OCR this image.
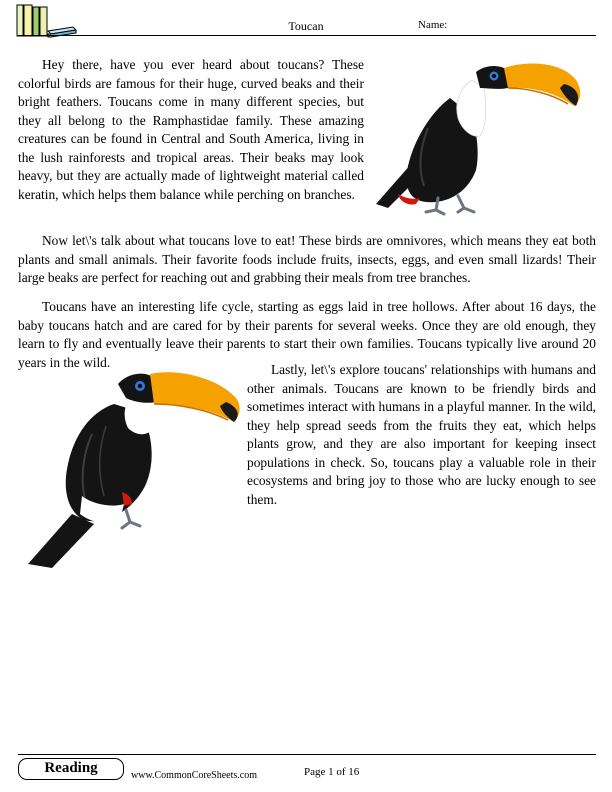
Toucan	Name:

Hey there, have you ever heard about toucans? These colorful birds are famous for their huge, curved beaks and their bright feathers. Toucans come in many different species, but they all belong to the Ramphastidae family. These amazing creatures can be found in Central and South America, living in the lush rainforests and tropical areas. Their beaks may look heavy, but they are actually made of lightweight material called keratin, which helps them balance while perching on branches.

Now let\'s talk about what toucans love to eat! These birds are omnivores, which means they eat both plants and small animals. Their favorite foods include fruits, insects, eggs, and even small lizards! Their large beaks are perfect for reaching out and grabbing their meals from tree branches.

Toucans have an interesting life cycle, starting as eggs laid in tree hollows. After about 16 days, the baby toucans hatch and are cared for by their parents for several weeks. Once they are old enough, they learn to fly and eventually leave their parents to start their own families. Toucans typically live around 20 years in the wild.	Lastly, let\'s explore toucans' relationships with humans and other animals. Toucans are known to be friendly birds and sometimes interact with humans in a playful manner. In the wild, they help spread seeds from the fruits they eat, which helps plants grow, and they are also important for keeping insect populations in check. So, toucans play a valuable role in their ecosystems and bring joy to those who are lucky enough to see them.

Reading	www.CommonCoreSheets.com	Page 1 of 16
